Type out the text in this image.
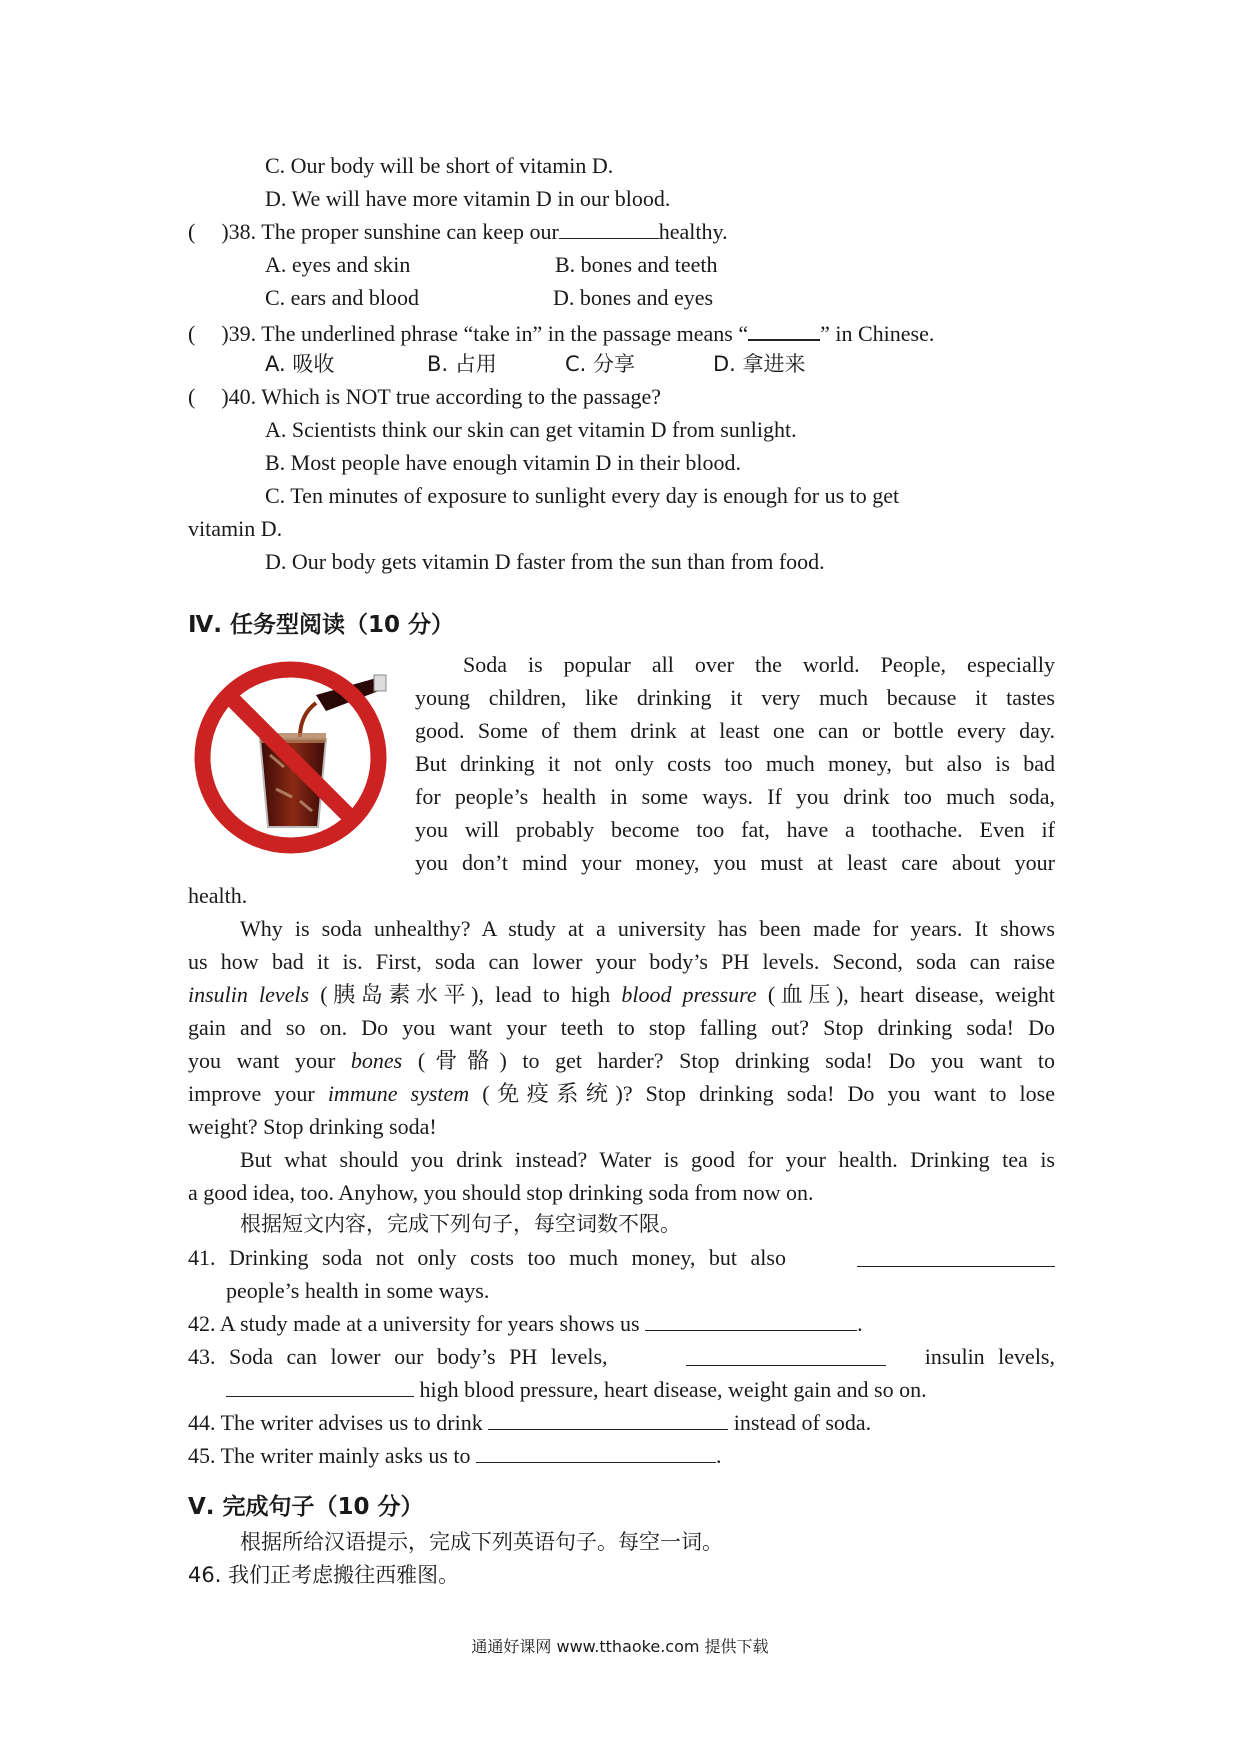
C. Our body will be short of vitamin D.
D. We will have more vitamin D in our blood.
( )38. The proper sunshine can keep our	healthy.
A. eyes and skin	B. bones and teeth
C. ears and blood	D. bones and eyes
( )39. The underlined phrase “take in” in the passage means “	” in Chinese.
A. 吸收	B. 占用	C. 分享	D. 拿进来
( )40. Which is NOT true according to the passage?
A. Scientists think our skin can get vitamin D from sunlight.
B. Most people have enough vitamin D in their blood.
C. Ten minutes of exposure to sunlight every day is enough for us to get
vitamin D.
D. Our body gets vitamin D faster from the sun than from food.
Ⅳ. 任务型阅读（10 分）
Soda is popular all over the world. People, especially
young children, like drinking it very much because it tastes
good. Some of them drink at least one can or bottle every day.
But drinking it not only costs too much money, but also is bad
for people’s health in some ways. If you drink too much soda,
you will probably become too fat, have a toothache. Even if
you don’t mind your money, you must at least care about your
health.
Why is soda unhealthy? A study at a university has been made for years. It shows
us how bad it is. First, soda can lower your body’s PH levels. Second, soda can raise
insulin levels (胰岛素水平), lead to high blood pressure (血压), heart disease, weight
gain and so on. Do you want your teeth to stop falling out? Stop drinking soda! Do
you want your bones (骨骼) to get harder? Stop drinking soda! Do you want to
improve your immune system (免疫系统)? Stop drinking soda! Do you want to lose
weight? Stop drinking soda!
But what should you drink instead? Water is good for your health. Drinking tea is
a good idea, too. Anyhow, you should stop drinking soda from now on.
根据短文内容，完成下列句子，每空词数不限。
41. Drinking soda not only costs too much money, but also
people’s health in some ways.
42. A study made at a university for years shows us	.
43. Soda can lower our body’s PH levels,	insulin levels,
high blood pressure, heart disease, weight gain and so on.
44. The writer advises us to drink	instead of soda.
45. The writer mainly asks us to	.
Ⅴ. 完成句子（10 分）
根据所给汉语提示，完成下列英语句子。每空一词。
46. 我们正考虑搬往西雅图。
通通好课网 www.tthaoke.com 提供下载
